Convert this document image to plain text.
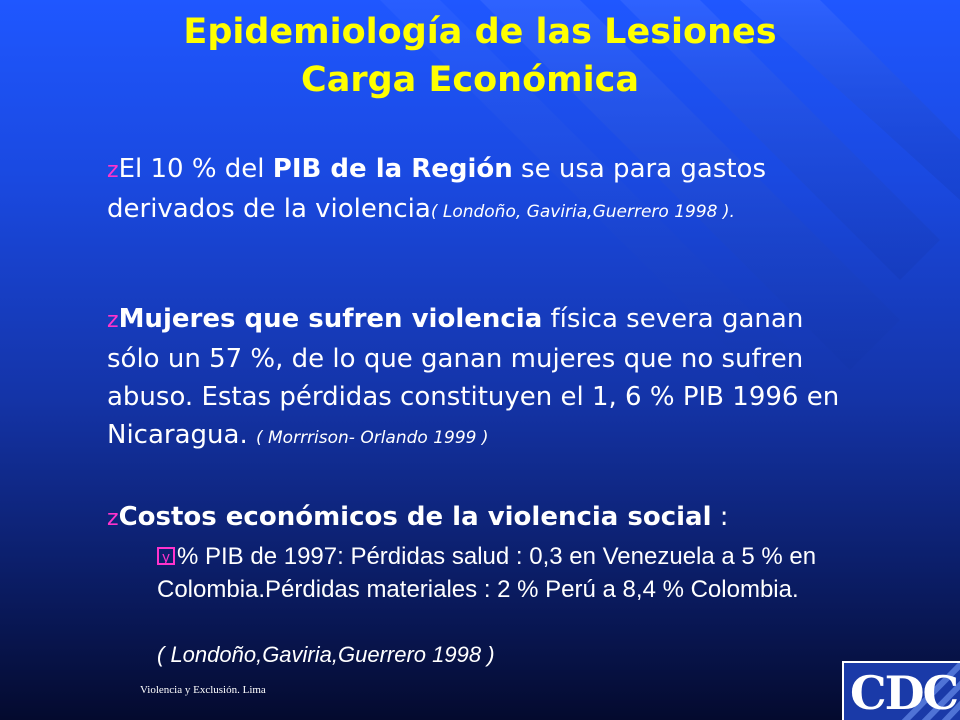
Epidemiología de las Lesiones
Carga Económica
zEl 10 % del PIB de la Región se usa para gastos derivados de la violencia( Londoño, Gaviria,Guerrero 1998 ).
zMujeres que sufren violencia física severa ganan sólo un 57 %, de lo que ganan mujeres que no sufren abuso. Estas pérdidas constituyen el 1, 6 % PIB 1996 en Nicaragua. ( Morrrison- Orlando 1999 )
zCostos económicos de la violencia social :
y % PIB de 1997: Pérdidas salud : 0,3 en Venezuela a 5 % en Colombia.Pérdidas materiales : 2 % Perú a 8,4 % Colombia.
( Londoño,Gaviria,Guerrero 1998 )
Violencia y Exclusión. Lima	CDC
